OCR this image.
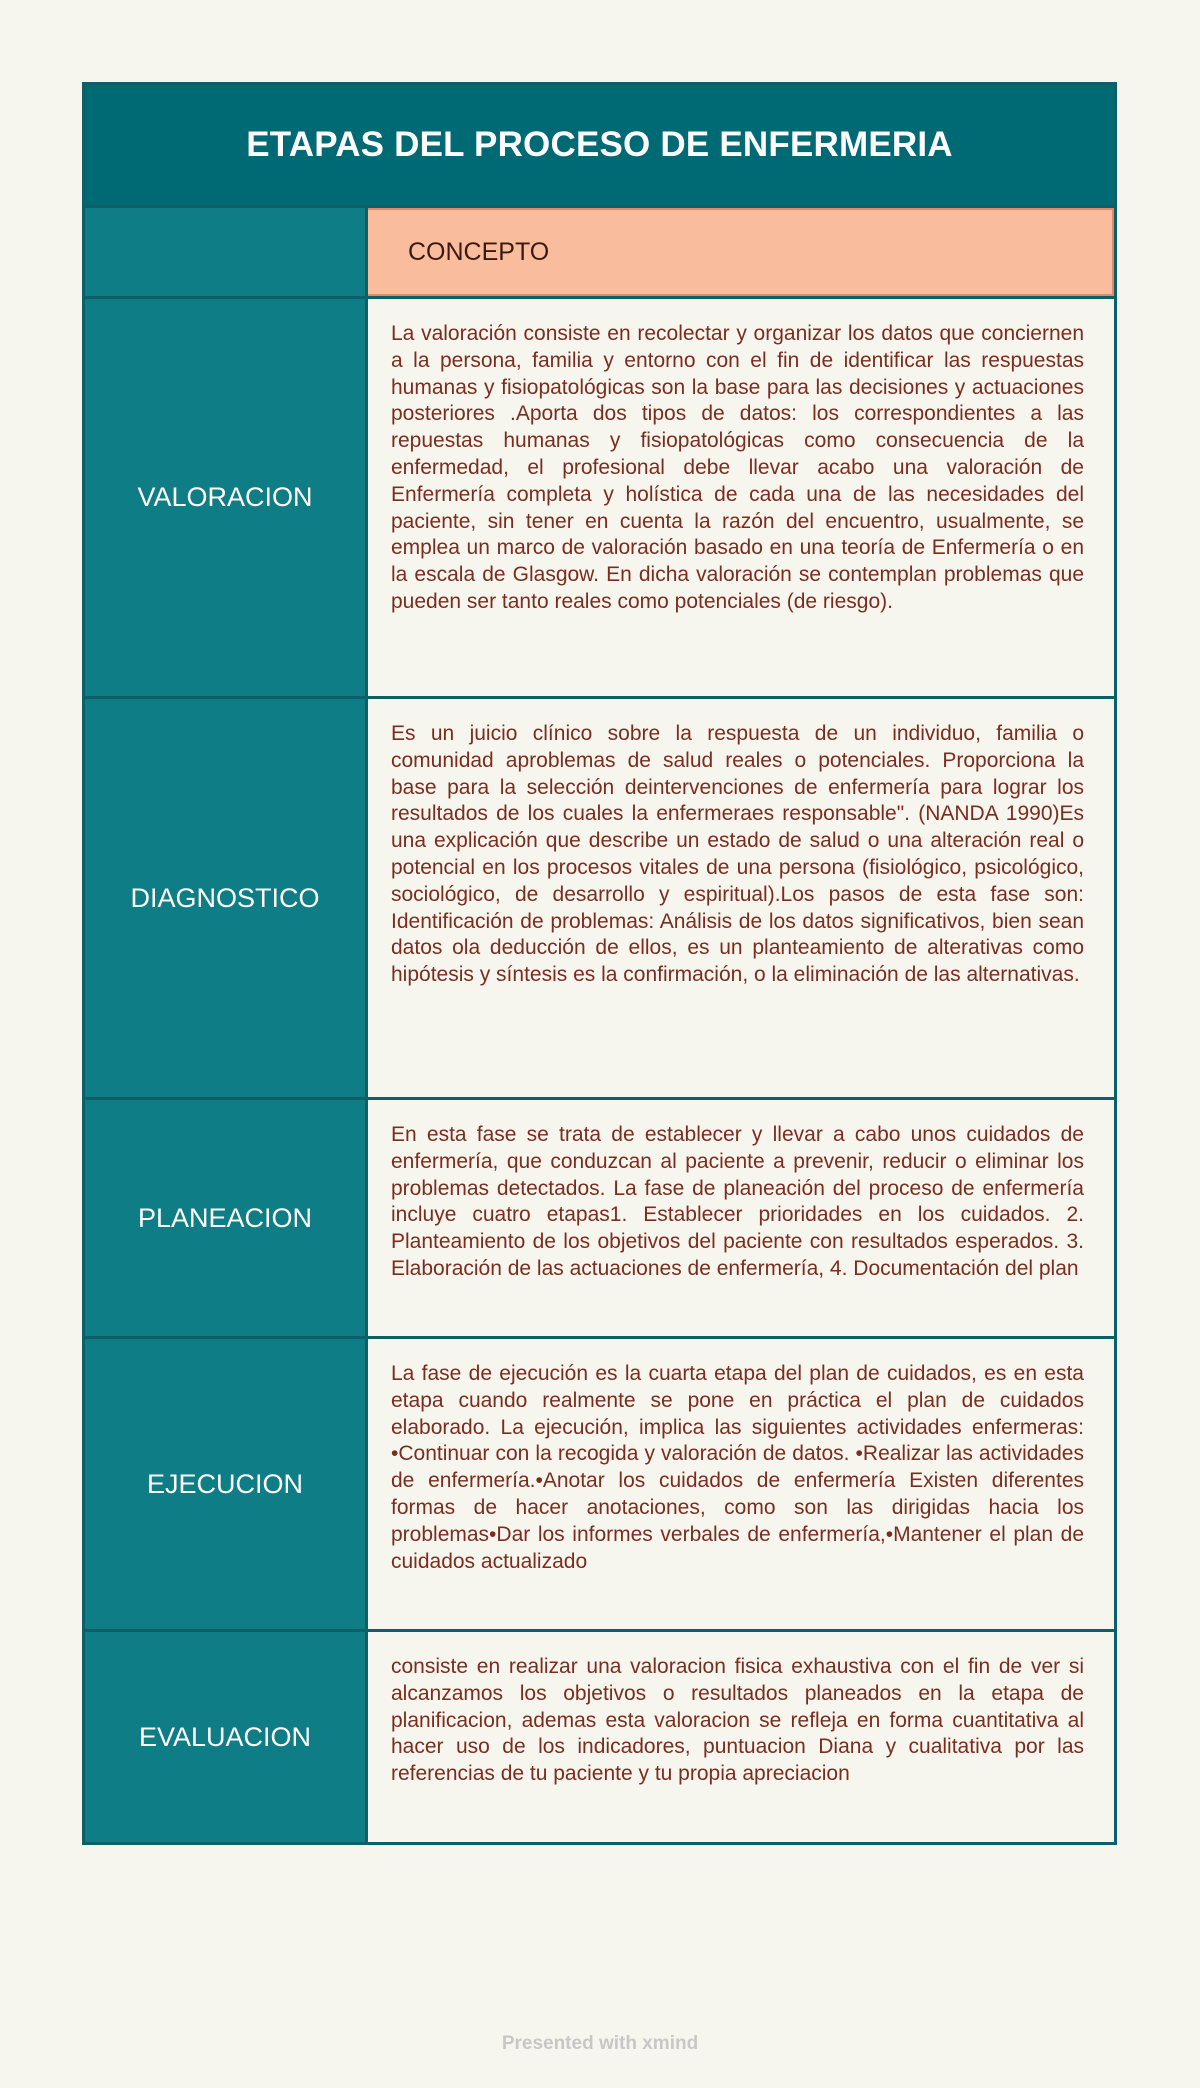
ETAPAS DEL PROCESO DE ENFERMERIA
CONCEPTO
VALORACION
La valoración consiste en recolectar y organizar los datos que conciernen a la persona, familia y entorno con el fin de identificar las respuestas humanas y fisiopatológicas son la base para las decisiones y actuaciones posteriores .Aporta dos tipos de datos: los correspondientes a las repuestas humanas y fisiopatológicas como consecuencia de la enfermedad, el profesional debe llevar acabo una valoración de Enfermería completa y holística de cada una de las necesidades del paciente, sin tener en cuenta la razón del encuentro, usualmente, se emplea un marco de valoración basado en una teoría de Enfermería o en la escala de Glasgow. En dicha valoración se contemplan problemas que pueden ser tanto reales como potenciales (de riesgo).
DIAGNOSTICO
Es un juicio clínico sobre la respuesta de un individuo, familia o comunidad aproblemas de salud reales o potenciales. Proporciona la base para la selección deintervenciones de enfermería para lograr los resultados de los cuales la enfermeraes responsable". (NANDA 1990)Es una explicación que describe un estado de salud o una alteración real o potencial en los procesos vitales de una persona (fisiológico, psicológico, sociológico, de desarrollo y espiritual).Los pasos de esta fase son: Identificación de problemas: Análisis de los datos significativos, bien sean datos ola deducción de ellos, es un planteamiento de alterativas como hipótesis y síntesis es la confirmación, o la eliminación de las alternativas.
PLANEACION
En esta fase se trata de establecer y llevar a cabo unos cuidados de enfermería, que conduzcan al paciente a prevenir, reducir o eliminar los problemas detectados. La fase de planeación del proceso de enfermería incluye cuatro etapas1. Establecer prioridades en los cuidados. 2. Planteamiento de los objetivos del paciente con resultados esperados. 3. Elaboración de las actuaciones de enfermería, 4. Documentación del plan
EJECUCION
La fase de ejecución es la cuarta etapa del plan de cuidados, es en esta etapa cuando realmente se pone en práctica el plan de cuidados elaborado. La ejecución, implica las siguientes actividades enfermeras: •Continuar con la recogida y valoración de datos. •Realizar las actividades de enfermería.•Anotar los cuidados de enfermería Existen diferentes formas de hacer anotaciones, como son las dirigidas hacia los problemas•Dar los informes verbales de enfermería,•Mantener el plan de cuidados actualizado
EVALUACION
consiste en realizar una valoracion fisica exhaustiva con el fin de ver si alcanzamos los objetivos o resultados planeados en la etapa de planificacion, ademas esta valoracion se refleja en forma cuantitativa al hacer uso de los indicadores, puntuacion Diana y cualitativa por las referencias de tu paciente y tu propia apreciacion
Presented with xmind
